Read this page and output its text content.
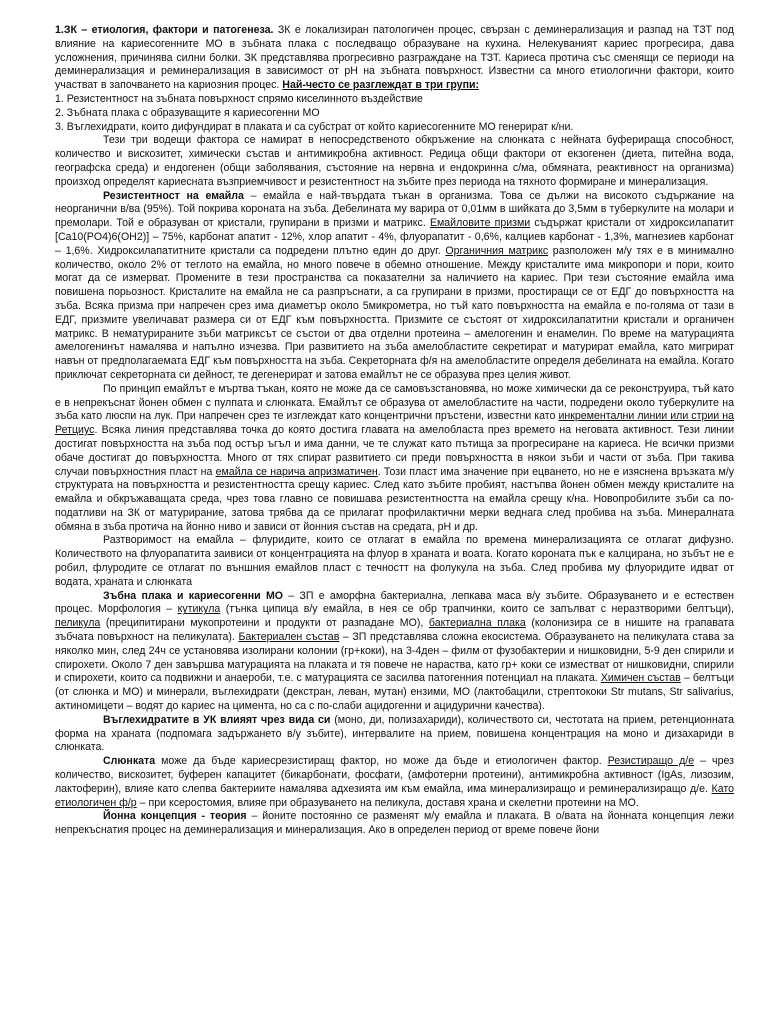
1.ЗК – етиология, фактори и патогенеза. ЗК е локализиран патологичен процес, свързан с деминерализация и разпад на ТЗТ под влияние на кариесогенните МО в зъбната плака с последващо образуване на кухина. Нелекуваният кариес прогресира, дава усложнения, причинява силни болки. ЗК представлява прогресивно разграждане на ТЗТ. Кариеса протича със сменящи се периоди на деминерализация и реминерализация в зависимост от pH на зъбната повърхност. Известни са много етиологични фактори, които участват в започването на кариозния процес. Най-често се разглеждат в три групи:

1. Резистентност на зъбната повърхност спрямо киселинното въздействие

2. Зъбната плака с образуващите я кариесогенни МО

3. Въглехидрати, които дифундират в плаката и са субстрат от който кариесогенните МО генерират к/ни.

Тези три водещи фактора се намират в непосредственото обкръжение на слюнката с нейната буферираща способност, количество и вискозитет, химически състав и антимикробна активност. Редица общи фактори от екзогенен (диета, питейна вода, географска среда) и ендогенен (общи заболявания, състояние на нервна и ендокринна с/ма, обмяната, реактивност на организма) произход определят кариесната възприемчивост и резистентност на зъбите през периода на тяхното формиране и минерализация.

Резистентност на емайла – емайла е най-твърдата тъкан в организма. Това се дължи на високото съдържание на неорганични в/ва (95%). Той покрива короната на зъба. Дебелината му варира от 0,01мм в шийката до 3,5мм в туберкулите на молари и премолари. Той е образуван от кристали, групирани в призми и матрикс. Емайловите призми съдържат кристали от хидроксилапатит [Ca10(PO4)6(OH2)] – 75%, карбонат апатит - 12%, хлор апатит - 4%, флуорапатит - 0,6%, калциев карбонат - 1,3%, магнезиев карбонат – 1,6%. Хидроксилапатитните кристали са подредени плътно един до друг. Органичния матрикс разположен м/у тях е в минимално количество, около 2% от теглото на емайла, но много повече в обемно отношение. Между кристалите има микропори и пори, които могат да се измерват. Промените в тези пространства са показателни за наличието на кариес. При тези състояние емайла има повишена порьозност. Кристалите на емайла не са разпръснати, а са групирани в призми, простиращи се от ЕДГ до повърхността на зъба. Всяка призма при напречен срез има диаметър около 5микрометра, но тъй като повърхността на емайла е по-голяма от тази в ЕДГ, призмите увеличават размера си от ЕДГ към повърхността. Призмите се състоят от хидроксилапатитни кристали и органичен матрикс. В нематурираните зъби матриксът се състои от два отделни протеина – амелогенин и енамелин. По време на матурацията амелогенинът намалява и напълно изчезва. При развитието на зъба амелобластите секретират и матурират емайла, като мигрират навън от предполагаемата ЕДГ към повърхността на зъба. Секреторната ф/я на амелобластите определя дебелината на емайла. Когато приключат секреторната си дейност, те дегенерират и затова емайлът не се образува през целия живот.

По принцип емайлът е мъртва тъкан, която не може да се самовъзстановява, но може химически да се реконструира, тъй като е в непрекъснат йонен обмен с пулпата и слюнката. Емайлът се образува от амелобластите на части, подредени около туберкулите на зъба като люспи на лук. При напречен срез те изглеждат като концентрични пръстени, известни като инкрементални линии или стрии на Ретциус. Всяка линия представлява точка до която достига главата на амелобласта през времето на неговата активност. Тези линии достигат повърхността на зъба под остър ъгъл и има данни, че те служат като пътища за прогресиране на кариеса. Не всички призми обаче достигат до повърхността. Много от тях спират развитието си преди повърхността в някои зъби и части от зъба. При такива случаи повърхностния пласт на емайла се нарича апризматичен. Този пласт има значение при ецването, но не е изяснена връзката м/у структурата на повърхността и резистентността срещу кариес. След като зъбите пробият, настъпва йонен обмен между кристалите на емайла и обкръжаващата среда, чрез това главно се повишава резистентността на емайла срещу к/на. Новопробилите зъби са по-податливи на ЗК от матурирание, затова трябва да се прилагат профилактични мерки веднага след пробива на зъба. Минералната обмяна в зъба протича на йонно ниво и зависи от йонния състав на средата, pH и др.

Разтворимост на емайла – флуридите, които се отлагат в емайла по времена минерализацията се отлагат дифузно. Количеството на флуорапатита заивиси от концентрацията на флуор в храната и воата. Когато короната пък е калцирана, но зъбът не е робил, флуродите се отлагат по външния емайлов пласт с течностт на фолукула на зъба. След пробива му флуоридите идват от водата, храната и слюнката

Зъбна плака и кариесогенни МО – ЗП е аморфна бактериална, лепкава маса в/у зъбите. Образуването и е естествен процес. Морфология – кутикула (тънка ципица в/у емайла, в нея се обр трапчинки, които се запълват с неразтворими белтъци), пеликула (преципитирани мукопротеини и продукти от разпадане МО), бактериална плака (колонизира се в нишите на грапавата зъбчата повърхност на пеликулата). Бактериален състав – ЗП представлява сложна екосистема. Образуването на пеликулата става за няколко мин, след 24ч се установява изолирани колонии (гр+коки), на 3-4ден – филм от фузобактерии и нишковидни, 5-9 ден спирили и спирохети. Около 7 ден завършва матурацията на плаката и тя повече не нараства, като гр+ коки се изместват от нишковидни, спирили и спирохети, които са подвижни и анаероби, т.е. с матурацията се засилва патогенния потенциал на плаката. Химичен състав – белтъци (от слюнка и МО) и минерали, въглехидрати (декстран, леван, мутан) ензими, МО (лактобацили, стрептококи Str mutans, Str salivarius, актиномицети – водят до кариес на цимента, но са с по-слаби ацидогенни и ацидурични качества).

Въглехидратите в УК влияят чрез вида си (моно, ди, полизахариди), количеството си, честотата на прием, ретенционната форма на храната (подпомага задържането в/у зъбите), интервалите на прием, повишена концентрация на моно и дизахариди в слюнката.

Слюнката може да бъде кариесрезистиращ фактор, но може да бъде и етиологичен фактор. Резистиращо д/е – чрез количество, вискозитет, буферен капацитет (бикарбонати, фосфати, (амфотерни протеини), антимикробна активност (IgAs, лизозим, лактоферин), влияе като слепва бактериите намалява адхезията им към емайла, има минерализиращо и реминерализиращо д/е. Като етиологичен ф/р – при ксеростомия, влияе при образуването на пеликула, доставя храна и скелетни протеини на МО.

Йонна концепция - теория – йоните постоянно се разменят м/у емайла и плаката. В о/вата на йонната концепция лежи непрекъснатия процес на деминерализация и минерализация. Ако в определен период от време повече йони
